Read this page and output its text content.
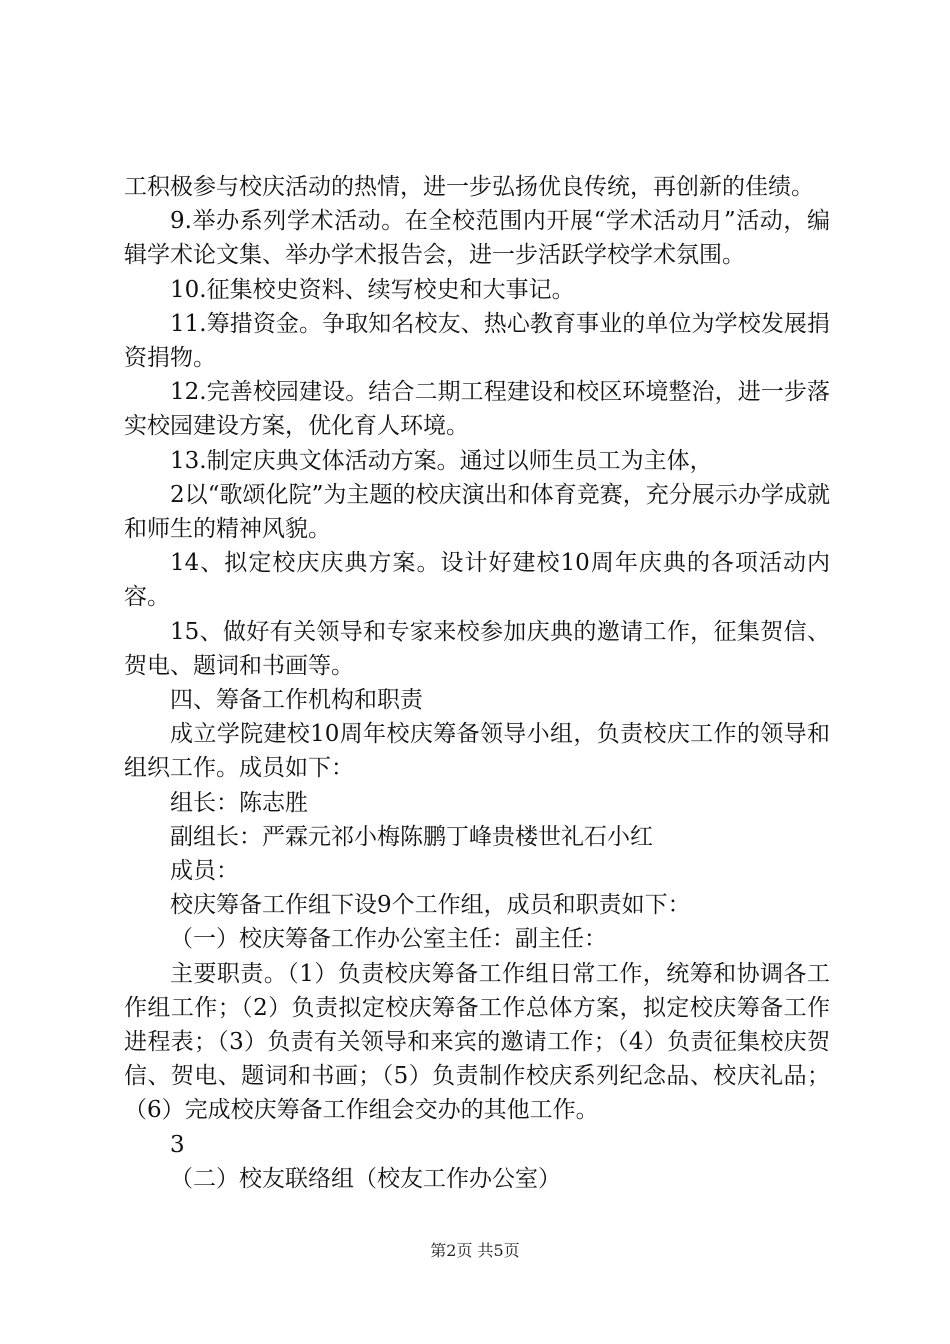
工积极参与校庆活动的热情，进一步弘扬优良传统，再创新的佳绩。

9.举办系列学术活动。在全校范围内开展“学术活动月”活动，编辑学术论文集、举办学术报告会，进一步活跃学校学术氛围。

10.征集校史资料、续写校史和大事记。

11.筹措资金。争取知名校友、热心教育事业的单位为学校发展捐资捐物。

12.完善校园建设。结合二期工程建设和校区环境整治，进一步落实校园建设方案，优化育人环境。

13.制定庆典文体活动方案。通过以师生员工为主体，

2以“歌颂化院”为主题的校庆演出和体育竞赛，充分展示办学成就和师生的精神风貌。

14、拟定校庆庆典方案。设计好建校10周年庆典的各项活动内容。

15、做好有关领导和专家来校参加庆典的邀请工作，征集贺信、贺电、题词和书画等。

四、筹备工作机构和职责

成立学院建校10周年校庆筹备领导小组，负责校庆工作的领导和组织工作。成员如下：

组长：陈志胜

副组长：严霖元祁小梅陈鹏丁峰贵楼世礼石小红

成员：

校庆筹备工作组下设9个工作组，成员和职责如下：

（一）校庆筹备工作办公室主任：副主任：

主要职责。（1）负责校庆筹备工作组日常工作，统筹和协调各工作组工作；（2）负责拟定校庆筹备工作总体方案，拟定校庆筹备工作进程表；（3）负责有关领导和来宾的邀请工作；（4）负责征集校庆贺信、贺电、题词和书画；（5）负责制作校庆系列纪念品、校庆礼品；（6）完成校庆筹备工作组会交办的其他工作。

3

（二）校友联络组（校友工作办公室）

第2页 共5页
